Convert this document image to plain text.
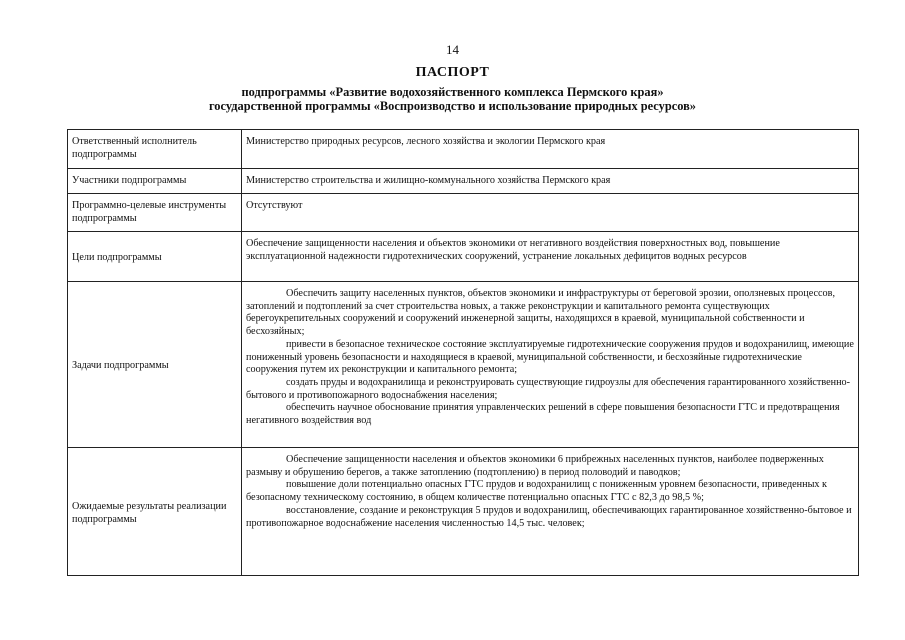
14
ПАСПОРТ
подпрограммы «Развитие водохозяйственного комплекса Пермского края»
государственной программы «Воспроизводство и использование природных ресурсов»
Ответственный исполнитель подпрограммы	Министерство природных ресурсов, лесного хозяйства и экологии Пермского края

Участники подпрограммы	Министерство строительства и жилищно-коммунального хозяйства Пермского края

Программно-целевые инструменты подпрограммы	Отсутствуют

Цели подпрограммы	Обеспечение защищенности населения и объектов экономики от негативного воздействия поверхностных вод, повышение эксплуатационной надежности гидротехнических сооружений, устранение локальных дефицитов водных ресурсов

Задачи подпрограммы	Обеспечить защиту населенных пунктов, объектов экономики и инфраструктуры от береговой эрозии, оползневых процессов, затоплений и подтоплений за счет строительства новых, а также реконструкции и капитального ремонта существующих берегоукрепительных сооружений и сооружений инженерной защиты, находящихся в краевой, муниципальной собственности и бесхозяйных;

привести в безопасное техническое состояние эксплуатируемые гидротехнические сооружения прудов и водохранилищ, имеющие пониженный уровень безопасности и находящиеся в краевой, муниципальной собственности, и бесхозяйные гидротехнические сооружения путем их реконструкции и капитального ремонта;

создать пруды и водохранилища и реконструировать существующие гидроузлы для обеспечения гарантированного хозяйственно-бытового и противопожарного водоснабжения населения;

обеспечить научное обоснование принятия управленческих решений в сфере повышения безопасности ГТС и предотвращения негативного воздействия вод

Ожидаемые результаты реализации подпрограммы	Обеспечение защищенности населения и объектов экономики 6 прибрежных населенных пунктов, наиболее подверженных размыву и обрушению берегов, а также затоплению (подтоплению) в период половодий и паводков;

повышение доли потенциально опасных ГТС прудов и водохранилищ с пониженным уровнем безопасности, приведенных к безопасному техническому состоянию, в общем количестве потенциально опасных ГТС с 82,3 до 98,5 %;

восстановление, создание и реконструкция 5 прудов и водохранилищ, обеспечивающих гарантированное хозяйственно-бытовое и противопожарное водоснабжение населения численностью 14,5 тыс. человек;
